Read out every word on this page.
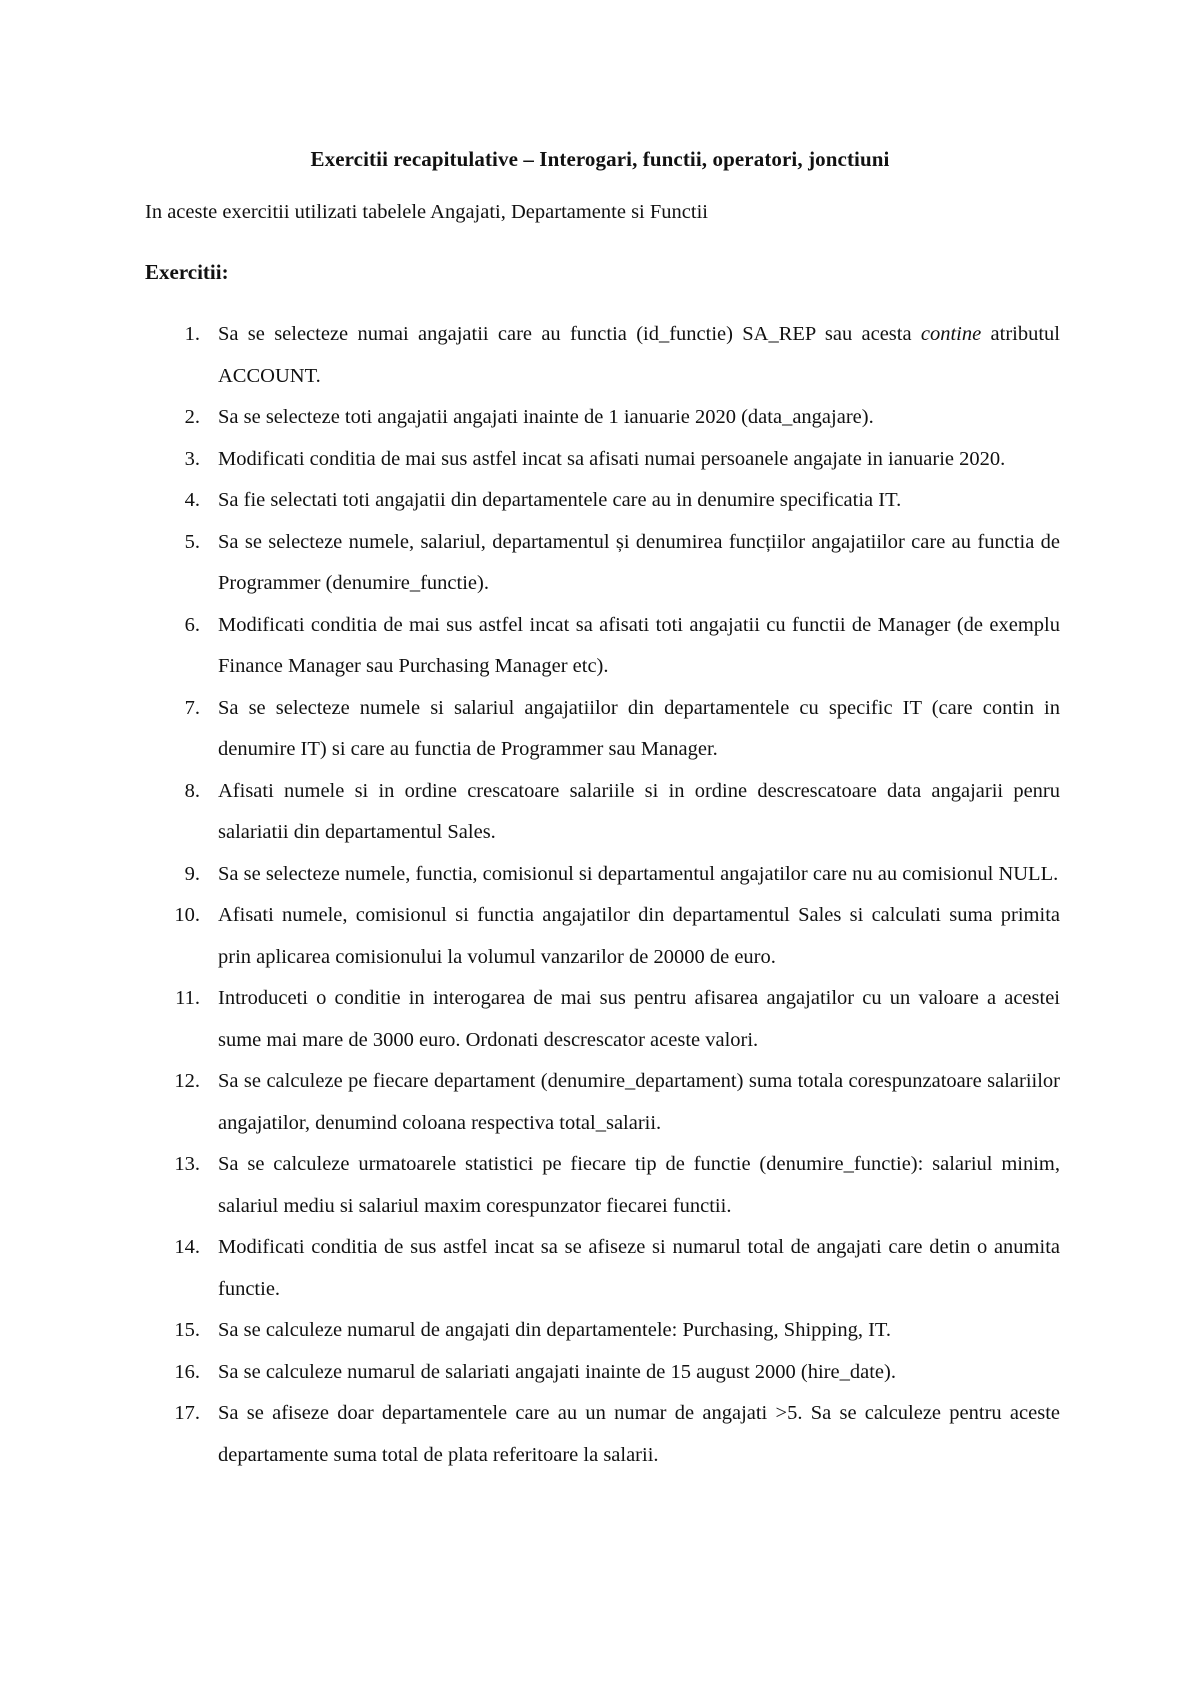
Exercitii recapitulative – Interogari, functii, operatori, jonctiuni
In aceste exercitii utilizati tabelele Angajati, Departamente si Functii
Exercitii:
1. Sa se selecteze numai angajatii care au functia (id_functie) SA_REP sau acesta contine atributul ACCOUNT.
2. Sa se selecteze toti angajatii angajati inainte de 1 ianuarie 2020 (data_angajare).
3. Modificati conditia de mai sus astfel incat sa afisati numai persoanele angajate in ianuarie 2020.
4. Sa fie selectati toti angajatii din departamentele care au in denumire specificatia IT.
5. Sa se selecteze numele, salariul, departamentul și denumirea funcțiilor angajatiilor care au functia de Programmer (denumire_functie).
6. Modificati conditia de mai sus astfel incat sa afisati toti angajatii cu functii de Manager (de exemplu Finance Manager sau Purchasing Manager etc).
7. Sa se selecteze numele si salariul angajatiilor din departamentele cu specific IT (care contin in denumire IT) si care au functia de Programmer sau Manager.
8. Afisati numele si in ordine crescatoare salariile si in ordine descrescatoare data angajarii penru salariatii din departamentul Sales.
9. Sa se selecteze numele, functia, comisionul si departamentul angajatilor care nu au comisionul NULL.
10. Afisati numele, comisionul si functia angajatilor din departamentul Sales si calculati suma primita prin aplicarea comisionului la volumul vanzarilor de 20000 de euro.
11. Introduceti o conditie in interogarea de mai sus pentru afisarea angajatilor cu un valoare a acestei sume mai mare de 3000 euro. Ordonati descrescator aceste valori.
12. Sa se calculeze pe fiecare departament (denumire_departament) suma totala corespunzatoare salariilor angajatilor, denumind coloana respectiva total_salarii.
13. Sa se calculeze urmatoarele statistici pe fiecare tip de functie (denumire_functie): salariul minim, salariul mediu si salariul maxim corespunzator fiecarei functii.
14. Modificati conditia de sus astfel incat sa se afiseze si numarul total de angajati care detin o anumita functie.
15. Sa se calculeze numarul de angajati din departamentele: Purchasing, Shipping, IT.
16. Sa se calculeze numarul de salariati angajati inainte de 15 august 2000 (hire_date).
17. Sa se afiseze doar departamentele care au un numar de angajati >5. Sa se calculeze pentru aceste departamente suma total de plata referitoare la salarii.
